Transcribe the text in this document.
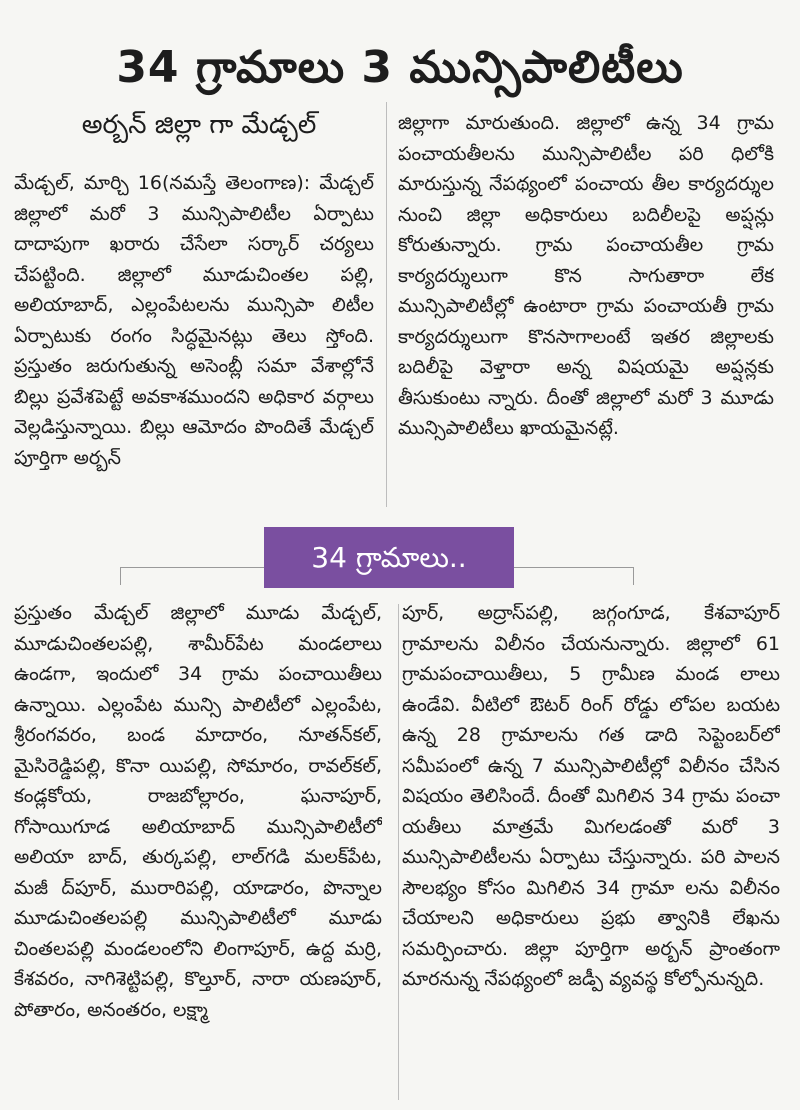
34 గ్రామాలు 3 మున్సిపాలిటీలు
అర్బన్ జిల్లా గా మేడ్చల్

మేడ్చల్, మార్చి 16(నమస్తే తెలంగాణ): మేడ్చల్ జిల్లాలో మరో 3 మున్సిపాలిటీల ఏర్పాటు దాదాపుగా ఖరారు చేసేలా సర్కార్ చర్యలు చేపట్టింది. జిల్లాలో మూడుచింతల పల్లి, అలియాబాద్, ఎల్లంపేటలను మున్సిపా లిటీల ఏర్పాటుకు రంగం సిద్ధమైనట్లు తెలు స్తోంది. ప్రస్తుతం జరుగుతున్న అసెంబ్లీ సమా వేశాల్లోనే బిల్లు ప్రవేశపెట్టే అవకాశముందని అధికార వర్గాలు వెల్లడిస్తున్నాయి. బిల్లు ఆమోదం పొందితే మేడ్చల్ పూర్తిగా అర్బన్

జిల్లాగా మారుతుంది. జిల్లాలో ఉన్న 34 గ్రామ పంచాయతీలను మున్సిపాలిటీల పరి ధిలోకి మారుస్తున్న నేపథ్యంలో పంచాయ తీల కార్యదర్శుల నుంచి జిల్లా అధికారులు బదిలీలపై అప్షన్లు కోరుతున్నారు. గ్రామ పంచాయతీల గ్రామ కార్యదర్శులుగా కొన సాగుతారా లేక మున్సిపాలిటీల్లో ఉంటారా గ్రామ పంచాయతీ గ్రామ కార్యదర్శులుగా కొనసాగాలంటే ఇతర జిల్లాలకు బదిలీపై వెళ్తారా అన్న విషయమై అప్షన్లకు తీసుకుంటు న్నారు. దీంతో జిల్లాలో మరో 3 మూడు మున్సిపాలిటీలు ఖాయమైనట్లే.

34 గ్రామాలు..

ప్రస్తుతం మేడ్చల్ జిల్లాలో మూడు మేడ్చల్, మూడుచింతలపల్లి, శామీర్‌పేట మండలాలు ఉండగా, ఇందులో 34 గ్రామ పంచాయితీలు ఉన్నాయి. ఎల్లంపేట మున్సి పాలిటీలో ఎల్లంపేట, శ్రీరంగవరం, బండ మాదారం, నూతన్‌కల్, మైసిరెడ్డిపల్లి, కొనా యిపల్లి, సోమారం, రావల్‌కల్, కండ్లకోయ, రాజబోల్లారం, ఘనాపూర్, గోసాయిగూడ అలియాబాద్ మున్సిపాలిటీలో అలియా బాద్, తుర్కపల్లి, లాల్‌గడి మలక్‌పేట, మజీ ద్‌పూర్, మురారిపల్లి, యాడారం, పొన్నాల మూడుచింతలపల్లి మున్సిపాలిటీలో మూడు చింతలపల్లి మండలంలోని లింగాపూర్, ఉద్ద మర్రి, కేశవరం, నాగిశెట్టిపల్లి, కొల్తూర్, నారా యణపూర్, పోతారం, అనంతరం, లక్ష్మా

పూర్, అద్రాస్‌పల్లి, జగ్గంగూడ, కేశవాపూర్ గ్రామాలను విలీనం చేయనున్నారు. జిల్లాలో 61 గ్రామపంచాయితీలు, 5 గ్రామీణ మండ లాలు ఉండేవి. వీటిలో ఔటర్ రింగ్ రోడ్డు లోపల బయట ఉన్న 28 గ్రామాలను గత డాది సెప్టెంబర్‌లో సమీపంలో ఉన్న 7 మున్సిపాలిటీల్లో విలీనం చేసిన విషయం తెలిసిందే. దీంతో మిగిలిన 34 గ్రామ పంచా యతీలు మాత్రమే మిగలడంతో మరో 3 మున్సిపాలిటీలను ఏర్పాటు చేస్తున్నారు. పరి పాలన సౌలభ్యం కోసం మిగిలిన 34 గ్రామా లను విలీనం చేయాలని అధికారులు ప్రభు త్వానికి లేఖను సమర్పించారు. జిల్లా పూర్తిగా అర్బన్ ప్రాంతంగా మారనున్న నేపథ్యంలో జడ్పీ వ్యవస్థ కోల్పోనున్నది.
